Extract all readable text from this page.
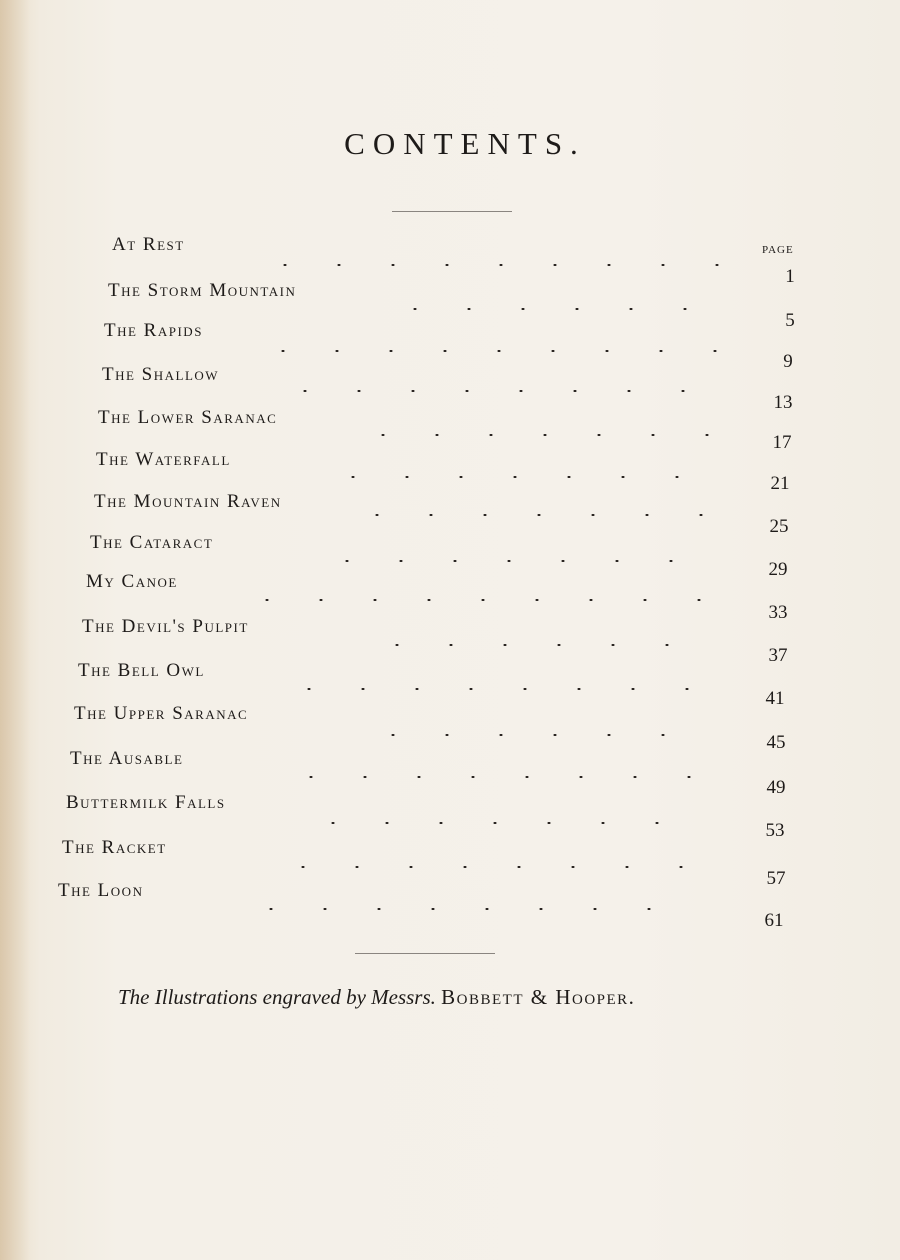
CONTENTS.
PAGE
At Rest
1
The Storm Mountain
5
The Rapids
9
The Shallow
13
The Lower Saranac
17
The Waterfall
21
The Mountain Raven
25
The Cataract
29
My Canoe
33
The Devil's Pulpit
37
The Bell Owl
41
The Upper Saranac
45
The Ausable
49
Buttermilk Falls
53
The Racket
57
The Loon
61
The Illustrations engraved by Messrs. Bobbett & Hooper.
